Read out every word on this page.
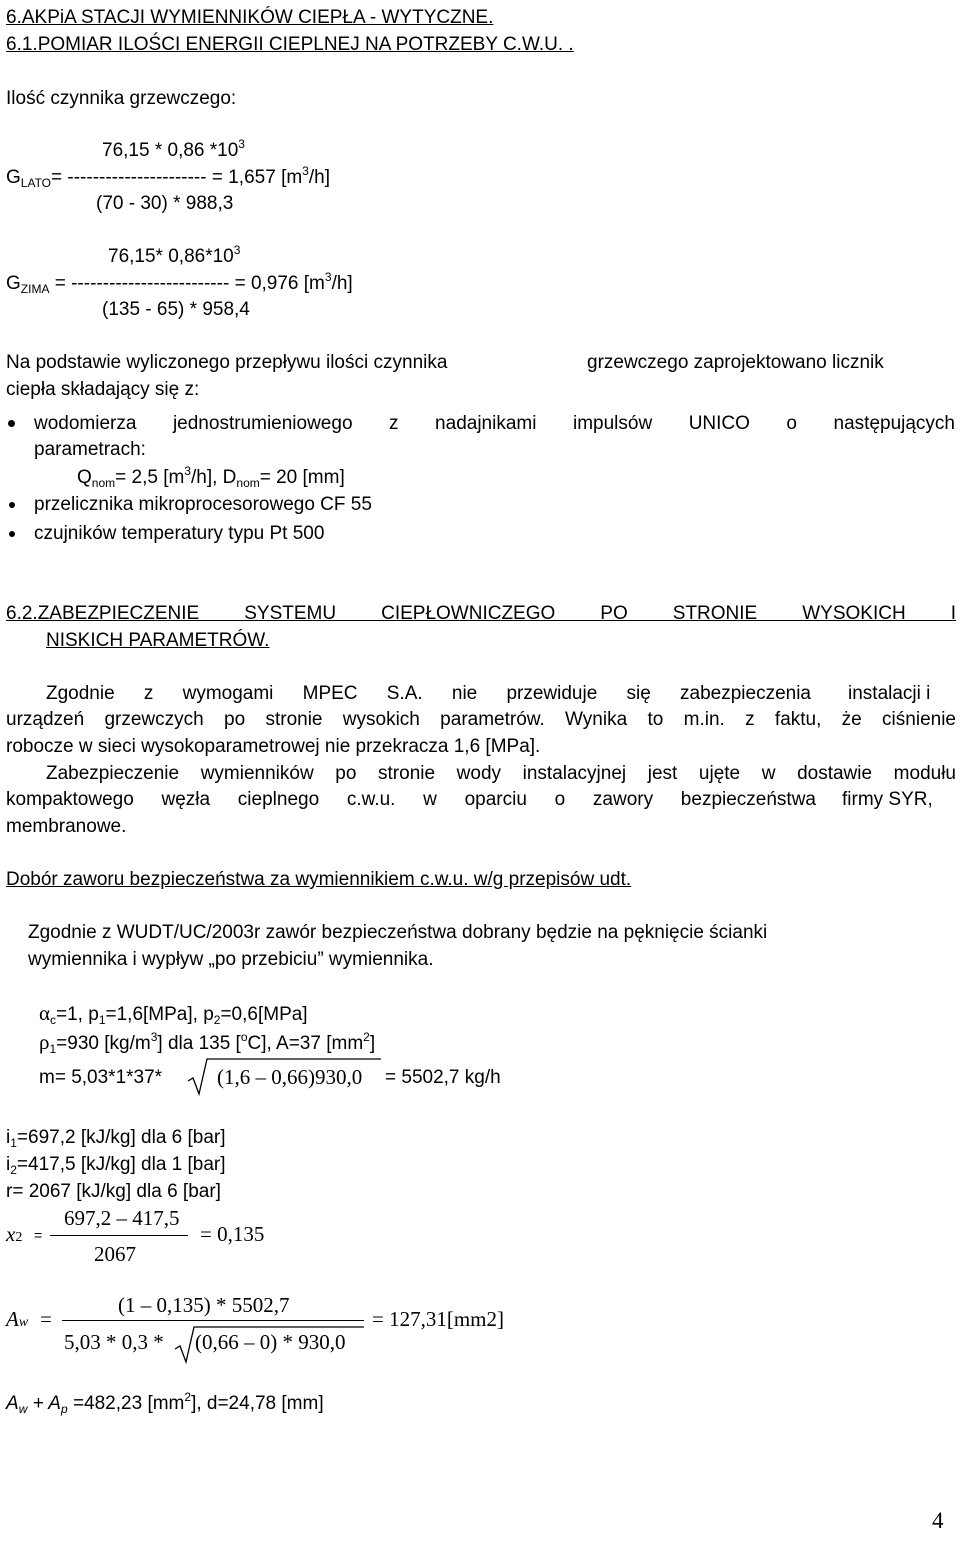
6.AKPiA STACJI WYMIENNIKÓW CIEPŁA - WYTYCZNE.
6.1.POMIAR ILOŚCI ENERGII CIEPLNEJ NA POTRZEBY C.W.U. .
Ilość czynnika grzewczego:
76,15 * 0,86 $*10^3$
$G_{LATO}=$ ---------------------- = 1,657 $[m^3/h]$
(70 - 30) * 988,3
76,15* $0,86*10^3$
$G_{ZIMA}$ = ------------------------- = 0,976 $[m^3/h]$
(135 - 65) * 958,4
Na podstawie wyliczonego przepływu ilości czynnika	grzewczego zaprojektowano licznik
ciepła składający się z:
wodomierza jednostrumieniowego z nadajnikami impulsów UNICO o następujących
parametrach:
$Q_{nom}= 2,5$ $[m^3/h]$, $D_{nom}= 20$ [mm]
przelicznika mikroprocesorowego CF 55
czujników temperatury typu Pt 500
6.2.ZABEZPIECZENIE SYSTEMU CIEPŁOWNICZEGO PO STRONIE WYSOKICH I
NISKICH PARAMETRÓW.
Zgodnie z wymogami MPEC S.A. nie przewiduje się zabezpieczenia instalacji i
urządzeń grzewczych po stronie wysokich parametrów. Wynika to m.in. z faktu, że ciśnienie
robocze w sieci wysokoparametrowej nie przekracza 1,6 [MPa].
Zabezpieczenie wymienników po stronie wody instalacyjnej jest ujęte w dostawie modułu
kompaktowego węzła cieplnego c.w.u. w oparciu o zawory bezpieczeństwa firmy SYR,
membranowe.
Dobór zaworu bezpieczeństwa za wymiennikiem c.w.u. w/g przepisów udt.
Zgodnie z WUDT/UC/2003r zawór bezpieczeństwa dobrany będzie na pęknięcie ścianki
wymiennika i wypływ „po przebiciu” wymiennika.
$\alpha_c=1$, $p_1=1,6[MPa]$, $p_2=0,6[MPa]$
$\rho_1=930$ $[kg/m^3]$ dla 135 [$^o$C], A=37 $[mm^2]$
m= 5,03*1*37*	(1,6 – 0,66)930,0 = 5502,7 kg/h
$i_1=697,2$ [kJ/kg] dla 6 [bar]
$i_2=417,5$ [kJ/kg] dla 1 [bar]
r= 2067 [kJ/kg] dla 6 [bar]
x2 =
697,2 – 417,5
2067
= 0,135
Aw =
(1 – 0,135) * 5502,7
5,03 * 0,3 * (0,66 – 0) * 930,0
= 127,31[mm2]
$A_w + A_p =482,23$ $[mm^2]$, d=24,78 [mm]
4
